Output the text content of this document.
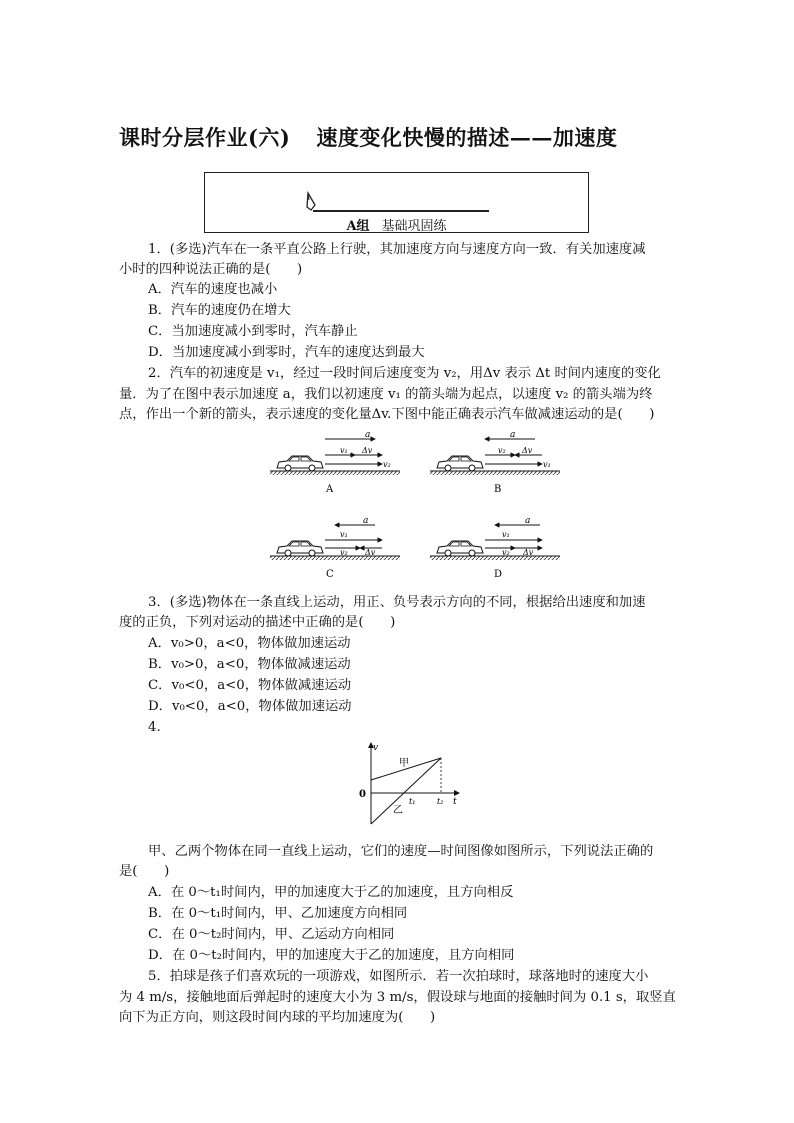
课时分层作业(六) 速度变化快慢的描述——加速度
A组 基础巩固练
1．(多选)汽车在一条平直公路上行驶，其加速度方向与速度方向一致．有关加速度减
小时的四种说法正确的是(　　)
A．汽车的速度也减小
B．汽车的速度仍在增大
C．当加速度减小到零时，汽车静止
D．当加速度减小到零时，汽车的速度达到最大
2．汽车的初速度是 v₁，经过一段时间后速度变为 v₂，用Δv 表示 Δt 时间内速度的变化
量．为了在图中表示加速度 a，我们以初速度 v₁ 的箭头端为起点，以速度 v₂ 的箭头端为终
点，作出一个新的箭头，表示速度的变化量Δv.下图中能正确表示汽车做减速运动的是(　　)
a
v₁ Δv
v₂
A
a
v₂ Δv
v₁
B
a
v₁
v₂ Δv
C
a
v₁
v₂ Δv
D
3．(多选)物体在一条直线上运动，用正、负号表示方向的不同，根据给出速度和加速
度的正负，下列对运动的描述中正确的是(　　)
A．v₀>0，a<0，物体做加速运动
B．v₀>0，a<0，物体做减速运动
C．v₀<0，a<0，物体做减速运动
D．v₀<0，a<0，物体做加速运动
4.
v
t
0
甲
乙
t₁	t₂
甲、乙两个物体在同一直线上运动，它们的速度—时间图像如图所示，下列说法正确的
是(　　)
A．在 0～t₁时间内，甲的加速度大于乙的加速度，且方向相反
B．在 0～t₁时间内，甲、乙加速度方向相同
C．在 0～t₂时间内，甲、乙运动方向相同
D．在 0～t₂时间内，甲的加速度大于乙的加速度，且方向相同
5．拍球是孩子们喜欢玩的一项游戏，如图所示．若一次拍球时，球落地时的速度大小
为 4 m/s，接触地面后弹起时的速度大小为 3 m/s，假设球与地面的接触时间为 0.1 s，取竖直
向下为正方向，则这段时间内球的平均加速度为(　　)
